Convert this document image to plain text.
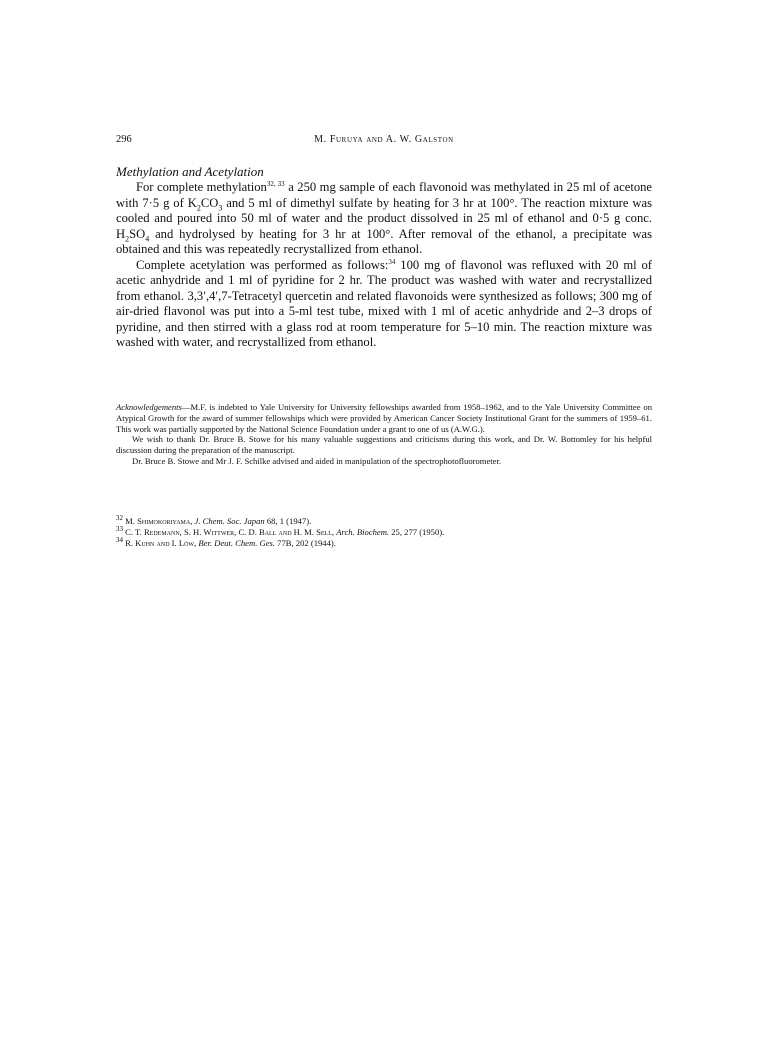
296	M. Furuya and A. W. Galston
Methylation and Acetylation

For complete methylation$^{32, 33}$ a 250 mg sample of each flavonoid was methylated in 25 ml of acetone with 7·5 g of $K_2CO_3$ and 5 ml of dimethyl sulfate by heating for 3 hr at 100°. The reaction mixture was cooled and poured into 50 ml of water and the product dissolved in 25 ml of ethanol and 0·5 g conc. $H_2SO_4$ and hydrolysed by heating for 3 hr at 100°. After removal of the ethanol, a precipitate was obtained and this was repeatedly recrystallized from ethanol.

Complete acetylation was performed as follows:$^{34}$ 100 mg of flavonol was refluxed with 20 ml of acetic anhydride and 1 ml of pyridine for 2 hr. The product was washed with water and recrystallized from ethanol. 3,3′,4′,7-Tetracetyl quercetin and related flavonoids were synthesized as follows; 300 mg of air-dried flavonol was put into a 5-ml test tube, mixed with 1 ml of acetic anhydride and 2–3 drops of pyridine, and then stirred with a glass rod at room temperature for 5–10 min. The reaction mixture was washed with water, and recrystallized from ethanol.

Acknowledgements—M.F. is indebted to Yale University for University fellowships awarded from 1958–1962, and to the Yale University Committee on Atypical Growth for the award of summer fellowships which were provided by American Cancer Society Institutional Grant for the summers of 1959–61. This work was partially supported by the National Science Foundation under a grant to one of us (A.W.G.).

We wish to thank Dr. Bruce B. Stowe for his many valuable suggestions and criticisms during this work, and Dr. W. Bottomley for his helpful discussion during the preparation of the manuscript.

Dr. Bruce B. Stowe and Mr J. F. Schilke advised and aided in manipulation of the spectrophotofluorometer.

$^{32}$ M. Shimokoriyama, J. Chem. Soc. Japan 68, 1 (1947).
$^{33}$ C. T. Redemann, S. H. Wittwer, C. D. Ball and H. M. Sell, Arch. Biochem. 25, 277 (1950).
$^{34}$ R. Kuhn and I. Löw, Ber. Deut. Chem. Ges. 77B, 202 (1944).
